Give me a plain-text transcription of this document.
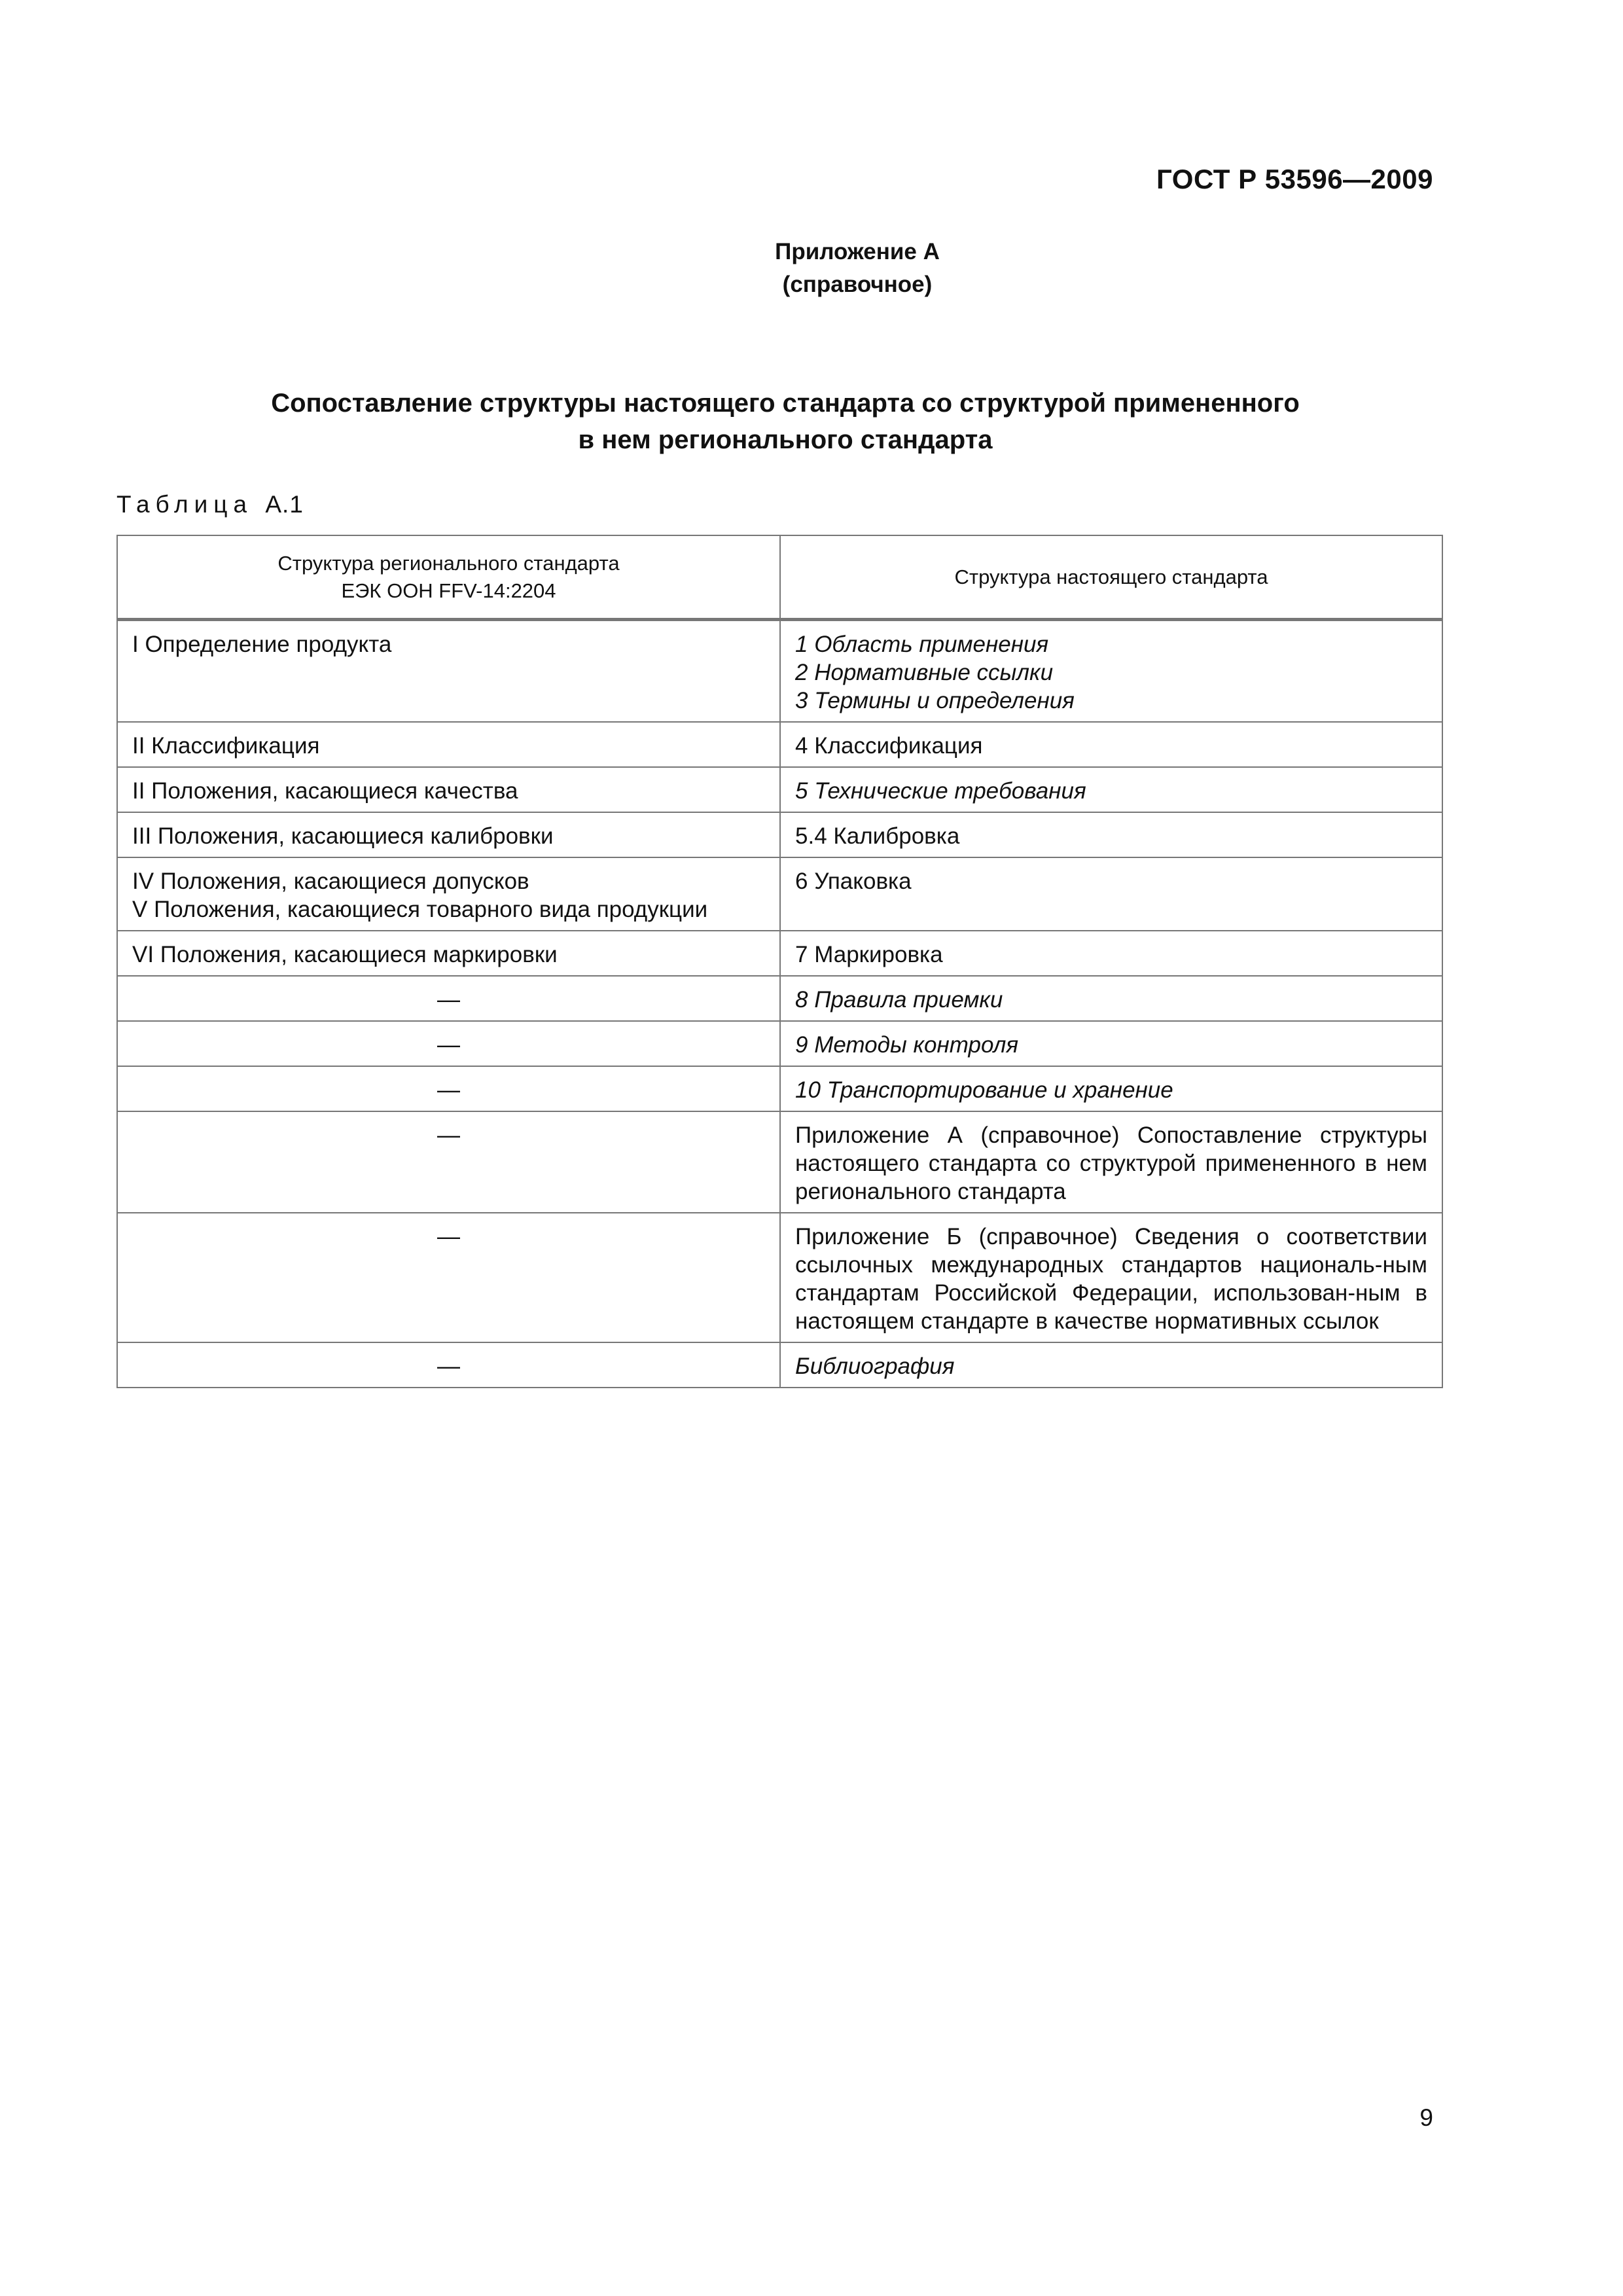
ГОСТ Р 53596—2009
Приложение А
(справочное)
Сопоставление структуры настоящего стандарта со структурой примененного
в нем регионального стандарта
Таблица А.1
Структура регионального стандарта
ЕЭК ООН FFV-14:2204	Структура настоящего стандарта

I Определение продукта	1 Область применения
2 Нормативные ссылки
3 Термины и определения

II Классификация	4 Классификация

II Положения, касающиеся качества	5 Технические требования

III Положения, касающиеся калибровки	5.4 Калибровка

IV Положения, касающиеся допусков
V Положения, касающиеся товарного вида продукции	6 Упаковка

VI Положения, касающиеся маркировки	7 Маркировка

—	8 Правила приемки

—	9 Методы контроля

—	10 Транспортирование и хранение

—	Приложение А (справочное) Сопоставление структуры настоящего стандарта со структурой примененного в нем регионального стандарта

—	Приложение Б (справочное) Сведения о соответствии ссылочных международных стандартов националь-ным стандартам Российской Федерации, использован-ным в настоящем стандарте в качестве нормативных ссылок

—	Библиография
9
